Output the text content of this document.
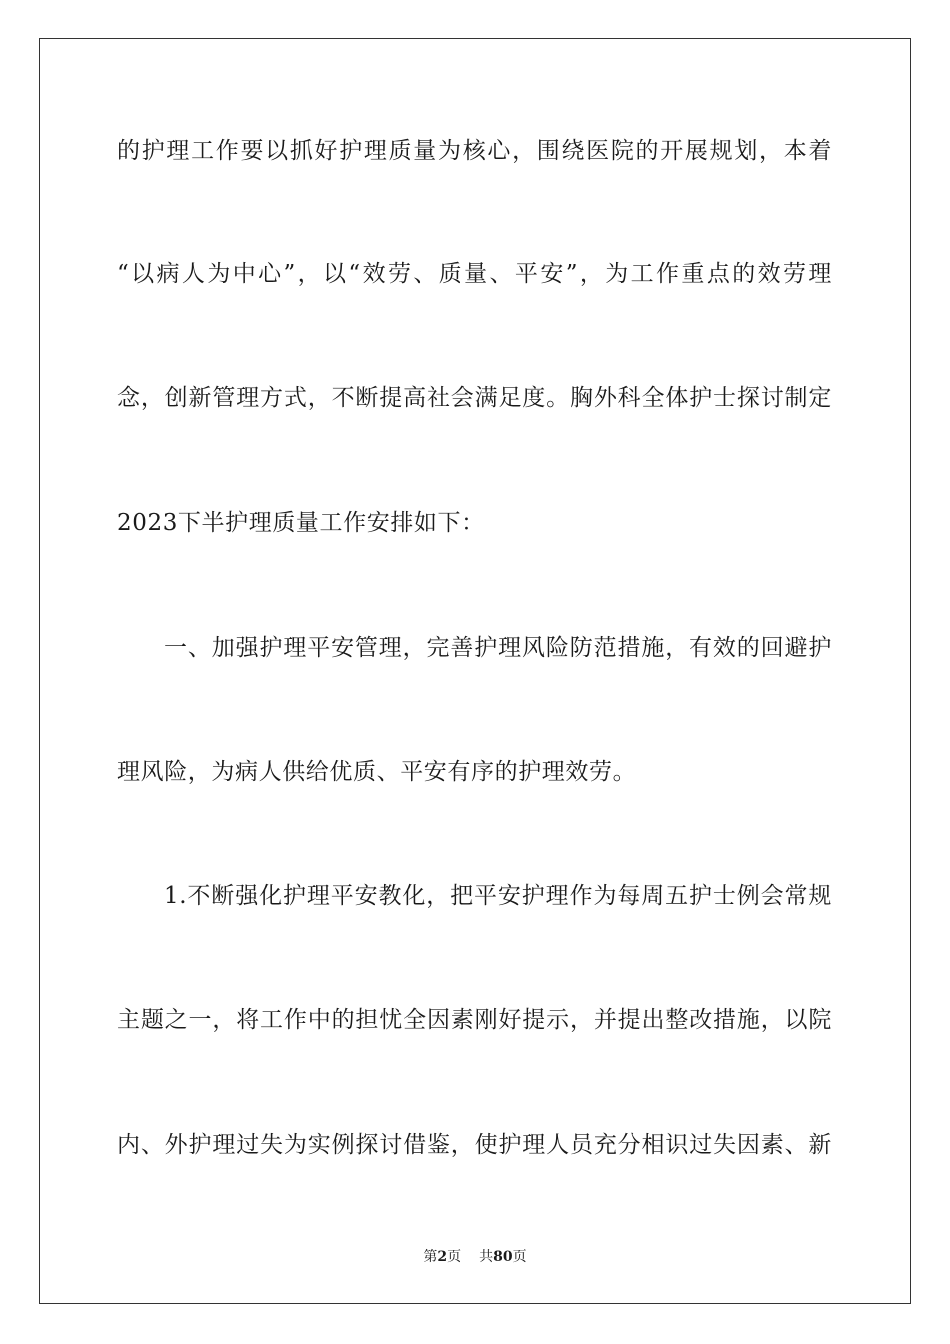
的护理工作要以抓好护理质量为核心，围绕医院的开展规划，本着
“以病人为中心”，以“效劳、质量、平安”，为工作重点的效劳理
念，创新管理方式，不断提高社会满足度。胸外科全体护士探讨制定
2023下半护理质量工作安排如下：
一、加强护理平安管理，完善护理风险防范措施，有效的回避护
理风险，为病人供给优质、平安有序的护理效劳。
1.不断强化护理平安教化，把平安护理作为每周五护士例会常规
主题之一，将工作中的担忧全因素刚好提示，并提出整改措施，以院
内、外护理过失为实例探讨借鉴，使护理人员充分相识过失因素、新
第2页 共80页
